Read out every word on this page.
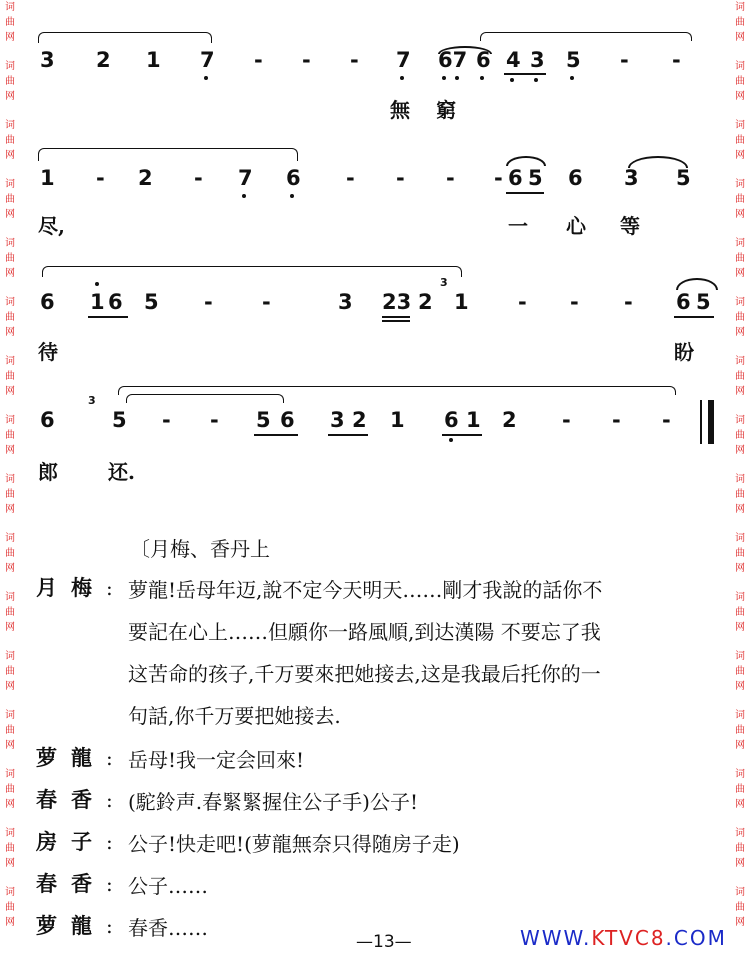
词
曲
网
词
曲
网
词
曲
网
词
曲
网
词
曲
网
词
曲
网
词
曲
网
词
曲
网
词
曲
网
词
曲
网
词
曲
网
词
曲
网
词
曲
网
词
曲
网
词
曲
网
词
曲
网
词
曲
网
词
曲
网
词
曲
网
词
曲
网
词
曲
网
词
曲
网
词
曲
网
词
曲
网
词
曲
网
词
曲
网
词
曲
网
词
曲
网
词
曲
网
词
曲
网
词
曲
网
词
曲
网
3 2 1 7 - - - 7 67 6 4 3 5 - -
無 窮
1 - 2 - 7 6 - - - - 6 5 6 3 5
尽,	一 心 等
6 1 6 5 - -	3 23 2
3
1 - - - 6 5
待	盼
6
3
5 - - 5 6 3 2 1 6 1 2 - - -
郎	还.
〔月梅、香丹上
月梅 : 萝龍!岳母年迈,說不定今天明天……剛才我說的話你不
要記在心上……但願你一路風順,到达漢陽 不要忘了我
这苦命的孩子,千万要來把她接去,这是我最后托你的一
句話,你千万要把她接去.
萝龍 : 岳母!我一定会回來!
春香 : (駝鈴声.春緊緊握住公子手)公子!
房子 : 公子!快走吧!(萝龍無奈只得随房子走)
春香 : 公子……
萝龍 : 春香……
—13—	WWW.KTVC8.COM
